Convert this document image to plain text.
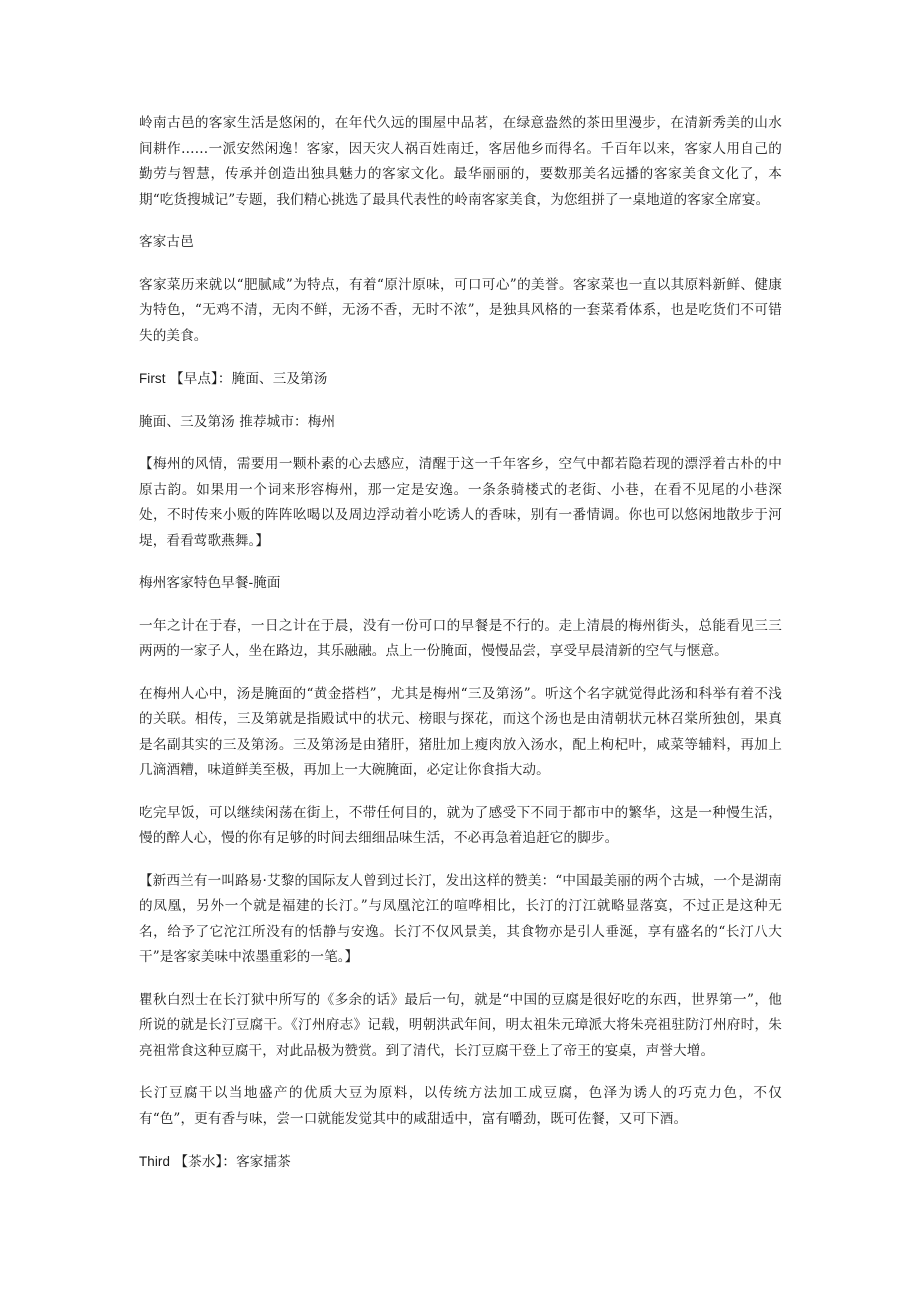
岭南古邑的客家生活是悠闲的，在年代久远的围屋中品茗，在绿意盎然的茶田里漫步，在清新秀美的山水间耕作……一派安然闲逸！客家，因天灾人祸百姓南迁，客居他乡而得名。千百年以来，客家人用自己的勤劳与智慧，传承并创造出独具魅力的客家文化。最华丽丽的，要数那美名远播的客家美食文化了，本期“吃货搜城记”专题，我们精心挑选了最具代表性的岭南客家美食，为您组拼了一桌地道的客家全席宴。

客家古邑

客家菜历来就以“肥腻咸”为特点，有着“原汁原味，可口可心”的美誉。客家菜也一直以其原料新鲜、健康为特色，“无鸡不清，无肉不鲜，无汤不香，无时不浓”，是独具风格的一套菜肴体系，也是吃货们不可错失的美食。

First 【早点】：腌面、三及第汤

腌面、三及第汤 推荐城市：梅州

【梅州的风情，需要用一颗朴素的心去感应，清醒于这一千年客乡，空气中都若隐若现的漂浮着古朴的中原古韵。如果用一个词来形容梅州，那一定是安逸。一条条骑楼式的老街、小巷，在看不见尾的小巷深处，不时传来小贩的阵阵吆喝以及周边浮动着小吃诱人的香味，别有一番情调。你也可以悠闲地散步于河堤，看看莺歌燕舞。】

梅州客家特色早餐-腌面

一年之计在于春，一日之计在于晨，没有一份可口的早餐是不行的。走上清晨的梅州街头，总能看见三三两两的一家子人，坐在路边，其乐融融。点上一份腌面，慢慢品尝，享受早晨清新的空气与惬意。

在梅州人心中，汤是腌面的“黄金搭档”，尤其是梅州“三及第汤”。听这个名字就觉得此汤和科举有着不浅的关联。相传，三及第就是指殿试中的状元、榜眼与探花，而这个汤也是由清朝状元林召棠所独创，果真是名副其实的三及第汤。三及第汤是由猪肝，猪肚加上瘦肉放入汤水，配上枸杞叶，咸菜等辅料，再加上几滴酒糟，味道鲜美至极，再加上一大碗腌面，必定让你食指大动。

吃完早饭，可以继续闲荡在街上，不带任何目的，就为了感受下不同于都市中的繁华，这是一种慢生活，慢的醉人心，慢的你有足够的时间去细细品味生活，不必再急着追赶它的脚步。

【新西兰有一叫路易·艾黎的国际友人曾到过长汀，发出这样的赞美：“中国最美丽的两个古城，一个是湖南的凤凰，另外一个就是福建的长汀。”与凤凰沱江的喧哗相比，长汀的汀江就略显落寞，不过正是这种无名，给予了它沱江所没有的恬静与安逸。长汀不仅风景美，其食物亦是引人垂涎，享有盛名的“长汀八大干”是客家美味中浓墨重彩的一笔。】

瞿秋白烈士在长汀狱中所写的《多余的话》最后一句，就是“中国的豆腐是很好吃的东西，世界第一”，他所说的就是长汀豆腐干。《汀州府志》记载，明朝洪武年间，明太祖朱元璋派大将朱亮祖驻防汀州府时，朱亮祖常食这种豆腐干，对此品极为赞赏。到了清代，长汀豆腐干登上了帝王的宴桌，声誉大增。

长汀豆腐干以当地盛产的优质大豆为原料，以传统方法加工成豆腐，色泽为诱人的巧克力色，不仅有“色”，更有香与味，尝一口就能发觉其中的咸甜适中，富有嚼劲，既可佐餐，又可下酒。

Third 【茶水】：客家擂茶
